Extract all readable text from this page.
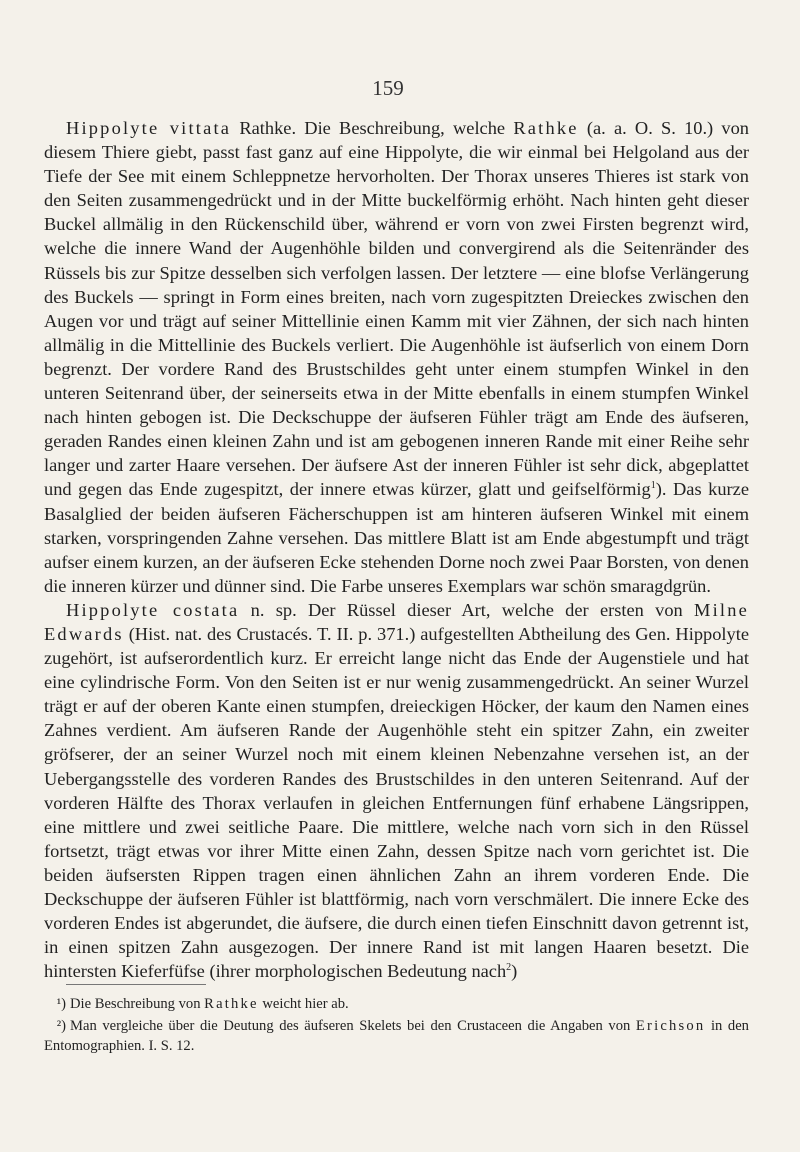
159

Hippolyte vittata Rathke. Die Beschreibung, welche Rathke (a. a. O. S. 10.) von diesem Thiere giebt, passt fast ganz auf eine Hippolyte, die wir einmal bei Helgoland aus der Tiefe der See mit einem Schleppnetze hervorholten. Der Thorax unseres Thieres ist stark von den Seiten zusammengedrückt und in der Mitte buckelförmig erhöht. Nach hinten geht dieser Buckel allmälig in den Rückenschild über, während er vorn von zwei Firsten begrenzt wird, welche die innere Wand der Augenhöhle bilden und convergirend als die Seitenränder des Rüssels bis zur Spitze desselben sich verfolgen lassen. Der letztere — eine blofse Verlängerung des Buckels — springt in Form eines breiten, nach vorn zugespitzten Dreieckes zwischen den Augen vor und trägt auf seiner Mittellinie einen Kamm mit vier Zähnen, der sich nach hinten allmälig in die Mittellinie des Buckels verliert. Die Augenhöhle ist äufserlich von einem Dorn begrenzt. Der vordere Rand des Brustschildes geht unter einem stumpfen Winkel in den unteren Seitenrand über, der seinerseits etwa in der Mitte ebenfalls in einem stumpfen Winkel nach hinten gebogen ist. Die Deckschuppe der äufseren Fühler trägt am Ende des äufseren, geraden Randes einen kleinen Zahn und ist am gebogenen inneren Rande mit einer Reihe sehr langer und zarter Haare versehen. Der äufsere Ast der inneren Fühler ist sehr dick, abgeplattet und gegen das Ende zugespitzt, der innere etwas kürzer, glatt und geifselförmig$^1$). Das kurze Basalglied der beiden äufseren Fächerschuppen ist am hinteren äufseren Winkel mit einem starken, vorspringenden Zahne versehen. Das mittlere Blatt ist am Ende abgestumpft und trägt aufser einem kurzen, an der äufseren Ecke stehenden Dorne noch zwei Paar Borsten, von denen die inneren kürzer und dünner sind. Die Farbe unseres Exemplars war schön smaragdgrün.

Hippolyte costata n. sp. Der Rüssel dieser Art, welche der ersten von Milne Edwards (Hist. nat. des Crustacés. T. II. p. 371.) aufgestellten Abtheilung des Gen. Hippolyte zugehört, ist aufserordentlich kurz. Er erreicht lange nicht das Ende der Augenstiele und hat eine cylindrische Form. Von den Seiten ist er nur wenig zusammengedrückt. An seiner Wurzel trägt er auf der oberen Kante einen stumpfen, dreieckigen Höcker, der kaum den Namen eines Zahnes verdient. Am äufseren Rande der Augenhöhle steht ein spitzer Zahn, ein zweiter gröfserer, der an seiner Wurzel noch mit einem kleinen Nebenzahne versehen ist, an der Uebergangsstelle des vorderen Randes des Brustschildes in den unteren Seitenrand. Auf der vorderen Hälfte des Thorax verlaufen in gleichen Entfernungen fünf erhabene Längsrippen, eine mittlere und zwei seitliche Paare. Die mittlere, welche nach vorn sich in den Rüssel fortsetzt, trägt etwas vor ihrer Mitte einen Zahn, dessen Spitze nach vorn gerichtet ist. Die beiden äufsersten Rippen tragen einen ähnlichen Zahn an ihrem vorderen Ende. Die Deckschuppe der äufseren Fühler ist blattförmig, nach vorn verschmälert. Die innere Ecke des vorderen Endes ist abgerundet, die äufsere, die durch einen tiefen Einschnitt davon getrennt ist, in einen spitzen Zahn ausgezogen. Der innere Rand ist mit langen Haaren besetzt. Die hintersten Kieferfüfse (ihrer morphologischen Bedeutung nach$^2$)

¹) Die Beschreibung von Rathke weicht hier ab.

²) Man vergleiche über die Deutung des äufseren Skelets bei den Crustaceen die Angaben von Erichson in den Entomographien. I. S. 12.
